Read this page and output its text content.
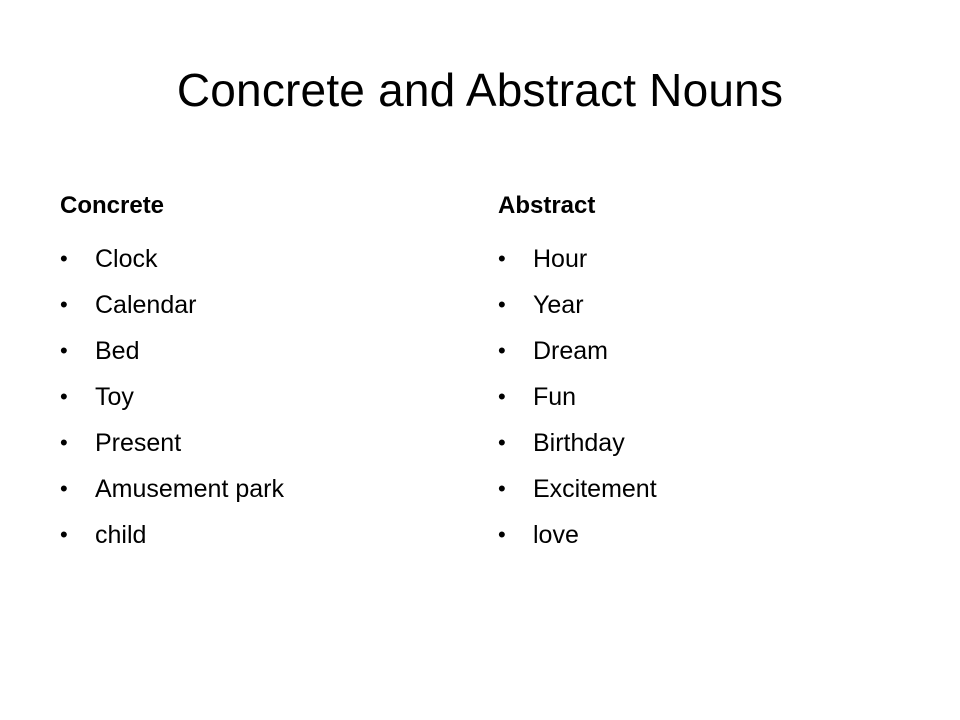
Concrete and Abstract Nouns
Concrete
• Clock
• Calendar
• Bed
• Toy
• Present
• Amusement park
• child
Abstract
• Hour
• Year
• Dream
• Fun
• Birthday
• Excitement
• love
